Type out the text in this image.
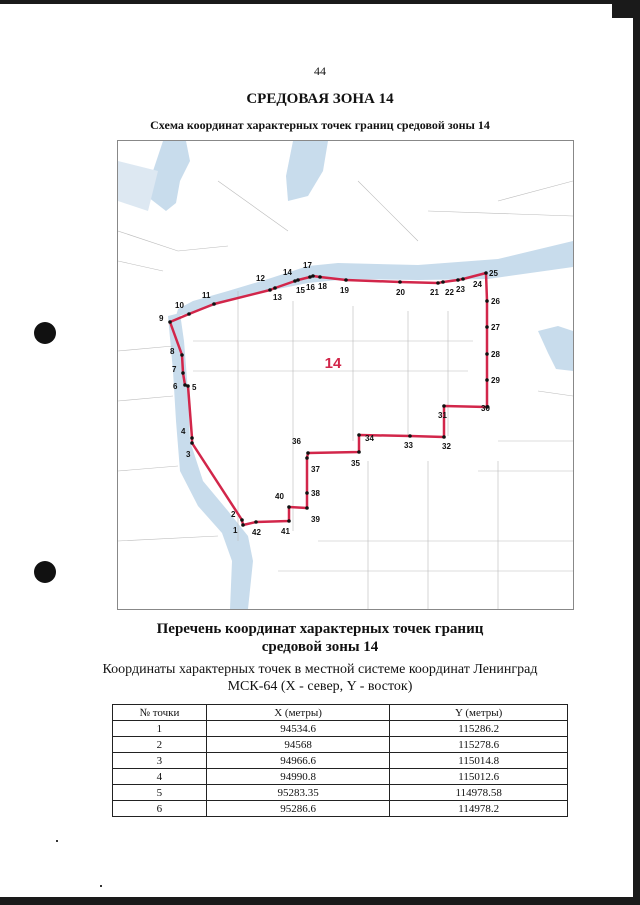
44
СРЕДОВАЯ ЗОНА 14
Схема координат характерных точек границ средовой зоны 14
1
2
3
4
5
6
7
8
9
10
11
12
13
14
15 16
17
18 19	20	21 22 23
24
25
26
27
28
29
30
31
32
33
34
35
36
37
38
39
40
41
42
14
Перечень координат характерных точек границ
средовой зоны 14
Координаты характерных точек в местной системе координат Ленинград
МСК-64 (X - север, Y - восток)
№ точки	X (метры)	Y (метры)
1	94534.6	115286.2
2	94568	115278.6
3	94966.6	115014.8
4	94990.8	115012.6
5	95283.35	114978.58
6	95286.6	114978.2
